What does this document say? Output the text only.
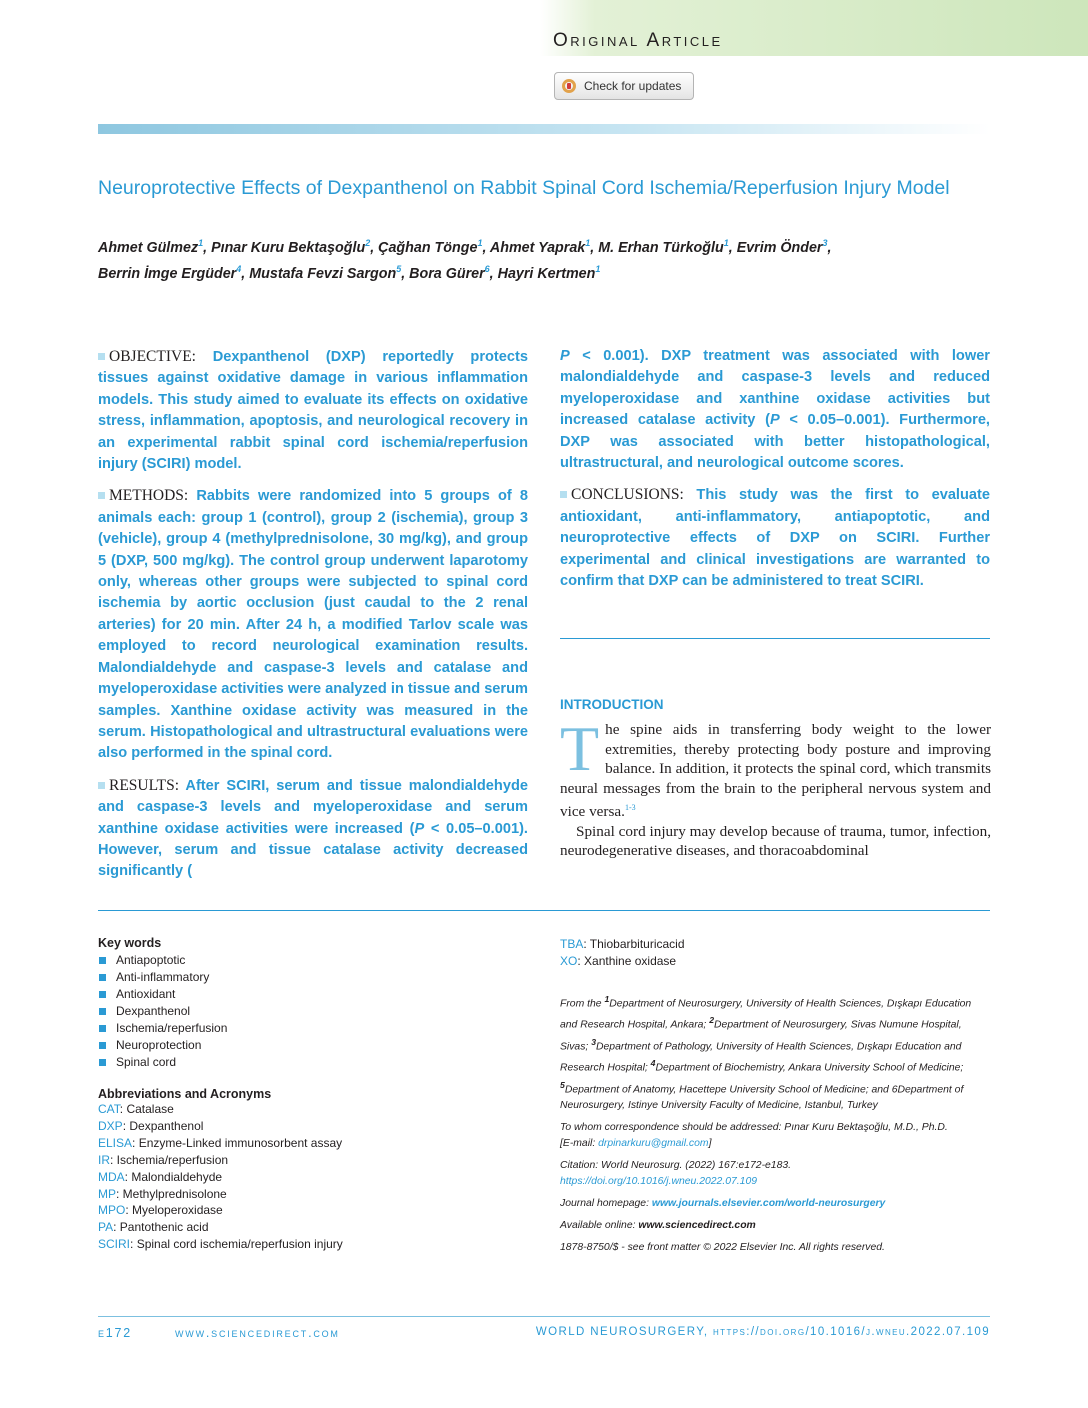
Original Article
Check for updates
Neuroprotective Effects of Dexpanthenol on Rabbit Spinal Cord Ischemia/Reperfusion Injury Model
Ahmet Gülmez$^1$, Pınar Kuru Bektaşoğlu$^2$, Çağhan Tönge$^1$, Ahmet Yaprak$^1$, M. Erhan Türkoğlu$^1$, Evrim Önder$^3$,
Berrin İmge Ergüder$^4$, Mustafa Fevzi Sargon$^5$, Bora Gürer$^6$, Hayri Kertmen$^1$

OBJECTIVE: Dexpanthenol (DXP) reportedly protects tissues against oxidative damage in various inflammation models. This study aimed to evaluate its effects on oxidative stress, inflammation, apoptosis, and neurological recovery in an experimental rabbit spinal cord ischemia/reperfusion injury (SCIRI) model.

METHODS: Rabbits were randomized into 5 groups of 8 animals each: group 1 (control), group 2 (ischemia), group 3 (vehicle), group 4 (methylprednisolone, 30 mg/kg), and group 5 (DXP, 500 mg/kg). The control group underwent laparotomy only, whereas other groups were subjected to spinal cord ischemia by aortic occlusion (just caudal to the 2 renal arteries) for 20 min. After 24 h, a modified Tarlov scale was employed to record neurological examination results. Malondialdehyde and caspase-3 levels and catalase and myeloperoxidase activities were analyzed in tissue and serum samples. Xanthine oxidase activity was measured in the serum. Histopathological and ultrastructural evaluations were also performed in the spinal cord.

RESULTS: After SCIRI, serum and tissue malondialdehyde and caspase-3 levels and myeloperoxidase and serum xanthine oxidase activities were increased (P < 0.05–0.001). However, serum and tissue catalase activity decreased significantly (

P < 0.001). DXP treatment was associated with lower malondialdehyde and caspase-3 levels and reduced myeloperoxidase and xanthine oxidase activities but increased catalase activity (P < 0.05–0.001). Furthermore, DXP was associated with better histopathological, ultrastructural, and neurological outcome scores.

CONCLUSIONS: This study was the first to evaluate antioxidant, anti-inflammatory, antiapoptotic, and neuroprotective effects of DXP on SCIRI. Further experimental and clinical investigations are warranted to confirm that DXP can be administered to treat SCIRI.

INTRODUCTION

The spine aids in transferring body weight to the lower extremities, thereby protecting body posture and improving balance. In addition, it protects the spinal cord, which transmits neural messages from the brain to the peripheral nervous system and vice versa.$^{1-3}$

Spinal cord injury may develop because of trauma, tumor, infection, neurodegenerative diseases, and thoracoabdominal

Key words
Antiapoptotic
Anti-inflammatory
Antioxidant
Dexpanthenol
Ischemia/reperfusion
Neuroprotection
Spinal cord
Abbreviations and Acronyms
CAT: Catalase
DXP: Dexpanthenol
ELISA: Enzyme-Linked immunosorbent assay
IR: Ischemia/reperfusion
MDA: Malondialdehyde
MP: Methylprednisolone
MPO: Myeloperoxidase
PA: Pantothenic acid
SCIRI: Spinal cord ischemia/reperfusion injury
TBA: Thiobarbituricacid
XO: Xanthine oxidase

From the $^1$Department of Neurosurgery, University of Health Sciences, Dışkapı Education and Research Hospital, Ankara; $^2$Department of Neurosurgery, Sivas Numune Hospital, Sivas; $^3$Department of Pathology, University of Health Sciences, Dışkapı Education and Research Hospital; $^4$Department of Biochemistry, Ankara University School of Medicine; $^5$Department of Anatomy, Hacettepe University School of Medicine; and 6Department of Neurosurgery, Istinye University Faculty of Medicine, Istanbul, Turkey

To whom correspondence should be addressed: Pınar Kuru Bektaşoğlu, M.D., Ph.D.
[E-mail: drpinarkuru@gmail.com]

Citation: World Neurosurg. (2022) 167:e172-e183.
https://doi.org/10.1016/j.wneu.2022.07.109

Journal homepage: www.journals.elsevier.com/world-neurosurgery

Available online: www.sciencedirect.com

1878-8750/$ - see front matter © 2022 Elsevier Inc. All rights reserved.

e172	www.sciencedirect.com	WORLD NEUROSURGERY, https://doi.org/10.1016/j.wneu.2022.07.109
